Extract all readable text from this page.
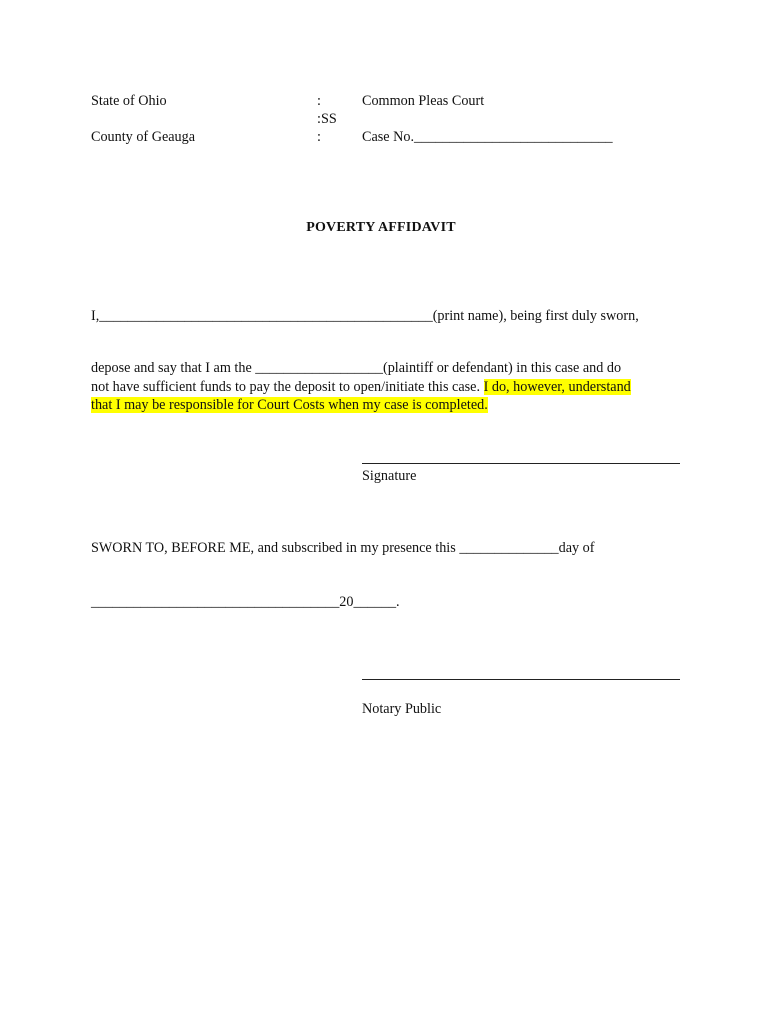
State of Ohio
County of Geauga
:
:SS
:
Common Pleas Court
Case No.____________________________
POVERTY AFFIDAVIT
I,_______________________________________________(print name), being first duly sworn,
depose and say that I am the __________________(plaintiff or defendant) in this case and do
not have sufficient funds to pay the deposit to open/initiate this case. I do, however, understand
that I may be responsible for Court Costs when my case is completed.
Signature
SWORN TO, BEFORE ME, and subscribed in my presence this ______________day of
___________________________________20______.
Notary Public
